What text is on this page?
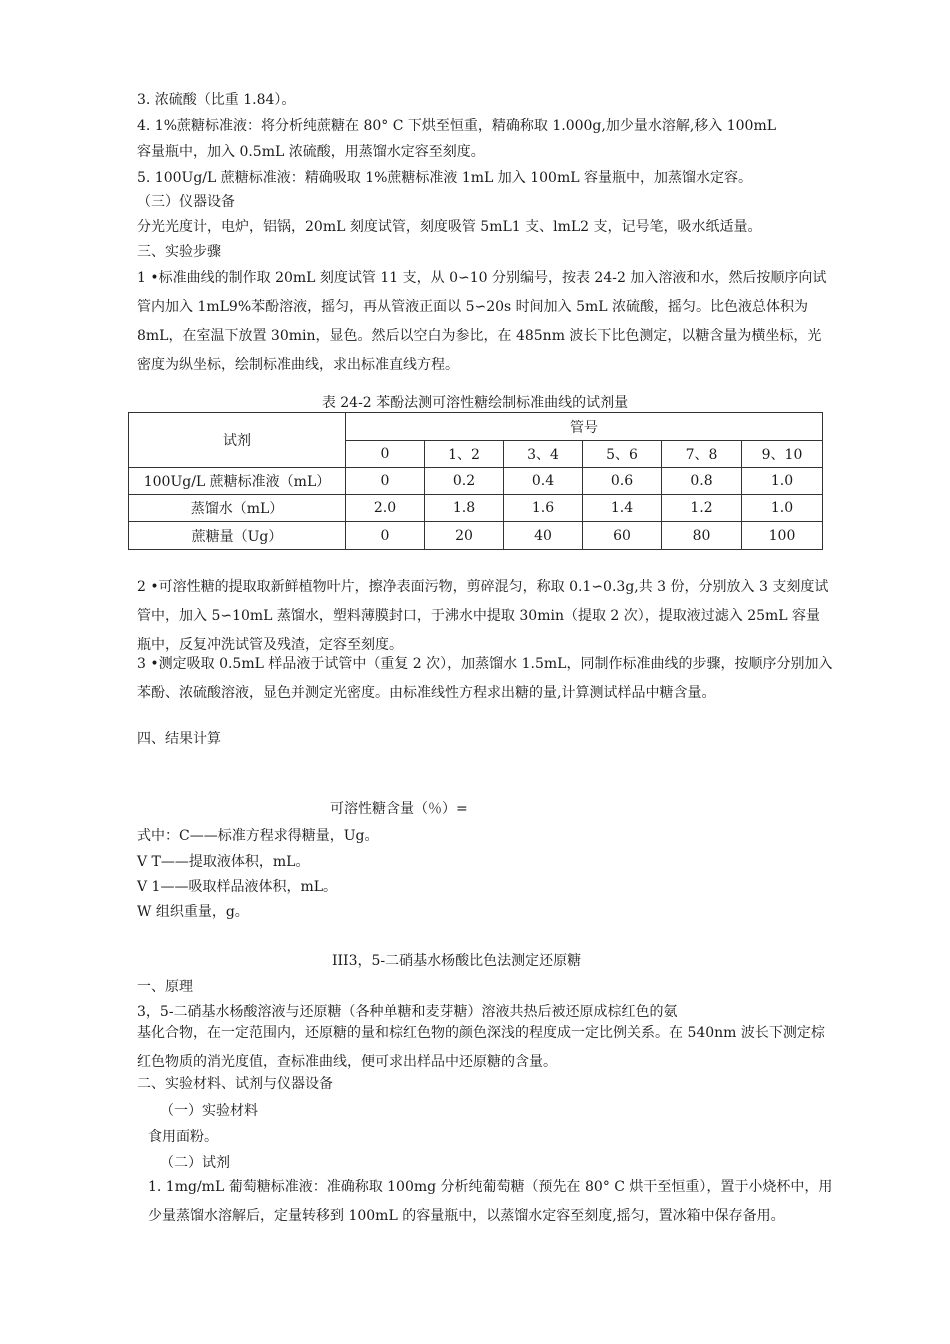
3. 浓硫酸（比重 1.84）。
4. 1%蔗糖标准液：将分析纯蔗糖在 80° C 下烘至恒重，精确称取 1.000g,加少量水溶解,移入 100mL
容量瓶中，加入 0.5mL 浓硫酸，用蒸馏水定容至刻度。
5. 100Ug/L 蔗糖标准液：精确吸取 1%蔗糖标准液 1mL 加入 100mL 容量瓶中，加蒸馏水定容。
（三）仪器设备
分光光度计，电炉，铝锅，20mL 刻度试管，刻度吸管 5mL1 支、lmL2 支，记号笔，吸水纸适量。
三、实验步骤
1 •标准曲线的制作取 20mL 刻度试管 11 支，从 0∽10 分别编号，按表 24-2 加入溶液和水，然后按顺序向试管内加入 1mL9%苯酚溶液，摇匀，再从管液正面以 5∽20s 时间加入 5mL 浓硫酸，摇匀。比色液总体积为 8mL，在室温下放置 30min，显色。然后以空白为参比，在 485nm 波长下比色测定，以糖含量为横坐标，光密度为纵坐标，绘制标准曲线，求出标准直线方程。
表 24-2 苯酚法测可溶性糖绘制标准曲线的试剂量
试剂	管号					
	0	1、2	3、4	5、6	7、8	9、10
100Ug/L 蔗糖标准液（mL）	0	0.2	0.4	0.6	0.8	1.0
蒸馏水（mL）	2.0	1.8	1.6	1.4	1.2	1.0
蔗糖量（Ug）	0	20	40	60	80	100
2 •可溶性糖的提取取新鲜植物叶片，擦净表面污物，剪碎混匀，称取 0.1∽0.3g,共 3 份，分别放入 3 支刻度试管中，加入 5∽10mL 蒸馏水，塑料薄膜封口，于沸水中提取 30min（提取 2 次），提取液过滤入 25mL 容量瓶中，反复冲洗试管及残渣，定容至刻度。
3 •测定吸取 0.5mL 样品液于试管中（重复 2 次），加蒸馏水 1.5mL，同制作标准曲线的步骤，按顺序分别加入苯酚、浓硫酸溶液，显色并测定光密度。由标准线性方程求出糖的量,计算测试样品中糖含量。
四、结果计算
可溶性糖含量（％）=
式中：C——标准方程求得糖量，Ug。
V T——提取液体积，mL。
V 1——吸取样品液体积，mL。
W 组织重量，g。
III3，5-二硝基水杨酸比色法测定还原糖
一、原理
3，5-二硝基水杨酸溶液与还原糖（各种单糖和麦芽糖）溶液共热后被还原成棕红色的氨
基化合物，在一定范围内，还原糖的量和棕红色物的颜色深浅的程度成一定比例关系。在 540nm 波长下测定棕红色物质的消光度值，查标准曲线，便可求出样品中还原糖的含量。
二、实验材料、试剂与仪器设备
（一）实验材料
食用面粉。
（二）试剂
1. 1mg/mL 葡萄糖标准液：准确称取 100mg 分析纯葡萄糖（预先在 80° C 烘干至恒重），置于小烧杯中，用少量蒸馏水溶解后，定量转移到 100mL 的容量瓶中，以蒸馏水定容至刻度,摇匀，置冰箱中保存备用。
